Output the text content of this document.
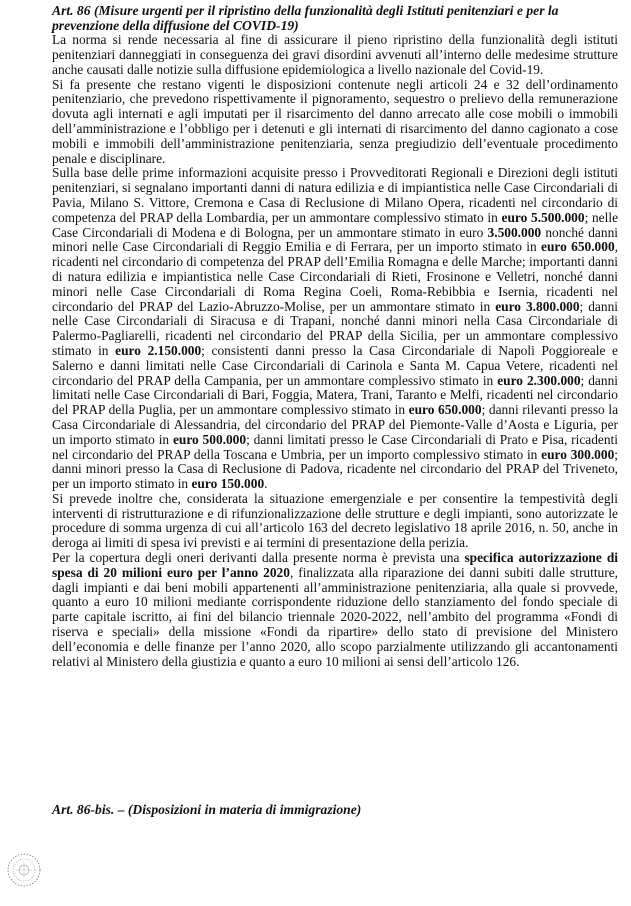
Art. 86 (Misure urgenti per il ripristino della funzionalità degli Istituti penitenziari e per la prevenzione della diffusione del COVID-19)

La norma si rende necessaria al fine di assicurare il pieno ripristino della funzionalità degli istituti penitenziari danneggiati in conseguenza dei gravi disordini avvenuti all’interno delle medesime strutture anche causati dalle notizie sulla diffusione epidemiologica a livello nazionale del Covid-19.

Si fa presente che restano vigenti le disposizioni contenute negli articoli 24 e 32 dell’ordinamento penitenziario, che prevedono rispettivamente il pignoramento, sequestro o prelievo della remunerazione dovuta agli internati e agli imputati per il risarcimento del danno arrecato alle cose mobili o immobili dell’amministrazione e l’obbligo per i detenuti e gli internati di risarcimento del danno cagionato a cose mobili e immobili dell’amministrazione penitenziaria, senza pregiudizio dell’eventuale procedimento penale e disciplinare.

Sulla base delle prime informazioni acquisite presso i Provveditorati Regionali e Direzioni degli istituti penitenziari, si segnalano importanti danni di natura edilizia e di impiantistica nelle Case Circondariali di Pavia, Milano S. Vittore, Cremona e Casa di Reclusione di Milano Opera, ricadenti nel circondario di competenza del PRAP della Lombardia, per un ammontare complessivo stimato in euro 5.500.000; nelle Case Circondariali di Modena e di Bologna, per un ammontare stimato in euro 3.500.000 nonché danni minori nelle Case Circondariali di Reggio Emilia e di Ferrara, per un importo stimato in euro 650.000, ricadenti nel circondario di competenza del PRAP dell’Emilia Romagna e delle Marche; importanti danni di natura edilizia e impiantistica nelle Case Circondariali di Rieti, Frosinone e Velletri, nonché danni minori nelle Case Circondariali di Roma Regina Coeli, Roma-Rebibbia e Isernia, ricadenti nel circondario del PRAP del Lazio-Abruzzo-Molise, per un ammontare stimato in euro 3.800.000; danni nelle Case Circondariali di Siracusa e di Trapani, nonché danni minori nella Casa Circondariale di Palermo-Pagliarelli, ricadenti nel circondario del PRAP della Sicilia, per un ammontare complessivo stimato in euro 2.150.000; consistenti danni presso la Casa Circondariale di Napoli Poggioreale e Salerno e danni limitati nelle Case Circondariali di Carinola e Santa M. Capua Vetere, ricadenti nel circondario del PRAP della Campania, per un ammontare complessivo stimato in euro 2.300.000; danni limitati nelle Case Circondariali di Bari, Foggia, Matera, Trani, Taranto e Melfi, ricadenti nel circondario del PRAP della Puglia, per un ammontare complessivo stimato in euro 650.000; danni rilevanti presso la Casa Circondariale di Alessandria, del circondario del PRAP del Piemonte-Valle d’Aosta e Liguria, per un importo stimato in euro 500.000; danni limitati presso le Case Circondariali di Prato e Pisa, ricadenti nel circondario del PRAP della Toscana e Umbria, per un importo complessivo stimato in euro 300.000; danni minori presso la Casa di Reclusione di Padova, ricadente nel circondario del PRAP del Triveneto, per un importo stimato in euro 150.000.

Si prevede inoltre che, considerata la situazione emergenziale e per consentire la tempestività degli interventi di ristrutturazione e di rifunzionalizzazione delle strutture e degli impianti, sono autorizzate le procedure di somma urgenza di cui all’articolo 163 del decreto legislativo 18 aprile 2016, n. 50, anche in deroga ai limiti di spesa ivi previsti e ai termini di presentazione della perizia.

Per la copertura degli oneri derivanti dalla presente norma è prevista una specifica autorizzazione di spesa di 20 milioni euro per l’anno 2020, finalizzata alla riparazione dei danni subiti dalle strutture, dagli impianti e dai beni mobili appartenenti all’amministrazione penitenziaria, alla quale si provvede, quanto a euro 10 milioni mediante corrispondente riduzione dello stanziamento del fondo speciale di parte capitale iscritto, ai fini del bilancio triennale 2020-2022, nell’ambito del programma «Fondi di riserva e speciali» della missione «Fondi da ripartire» dello stato di previsione del Ministero dell’economia e delle finanze per l’anno 2020, allo scopo parzialmente utilizzando gli accantonamenti relativi al Ministero della giustizia e quanto a euro 10 milioni ai sensi dell’articolo 126.

Art. 86-bis. – (Disposizioni in materia di immigrazione)
